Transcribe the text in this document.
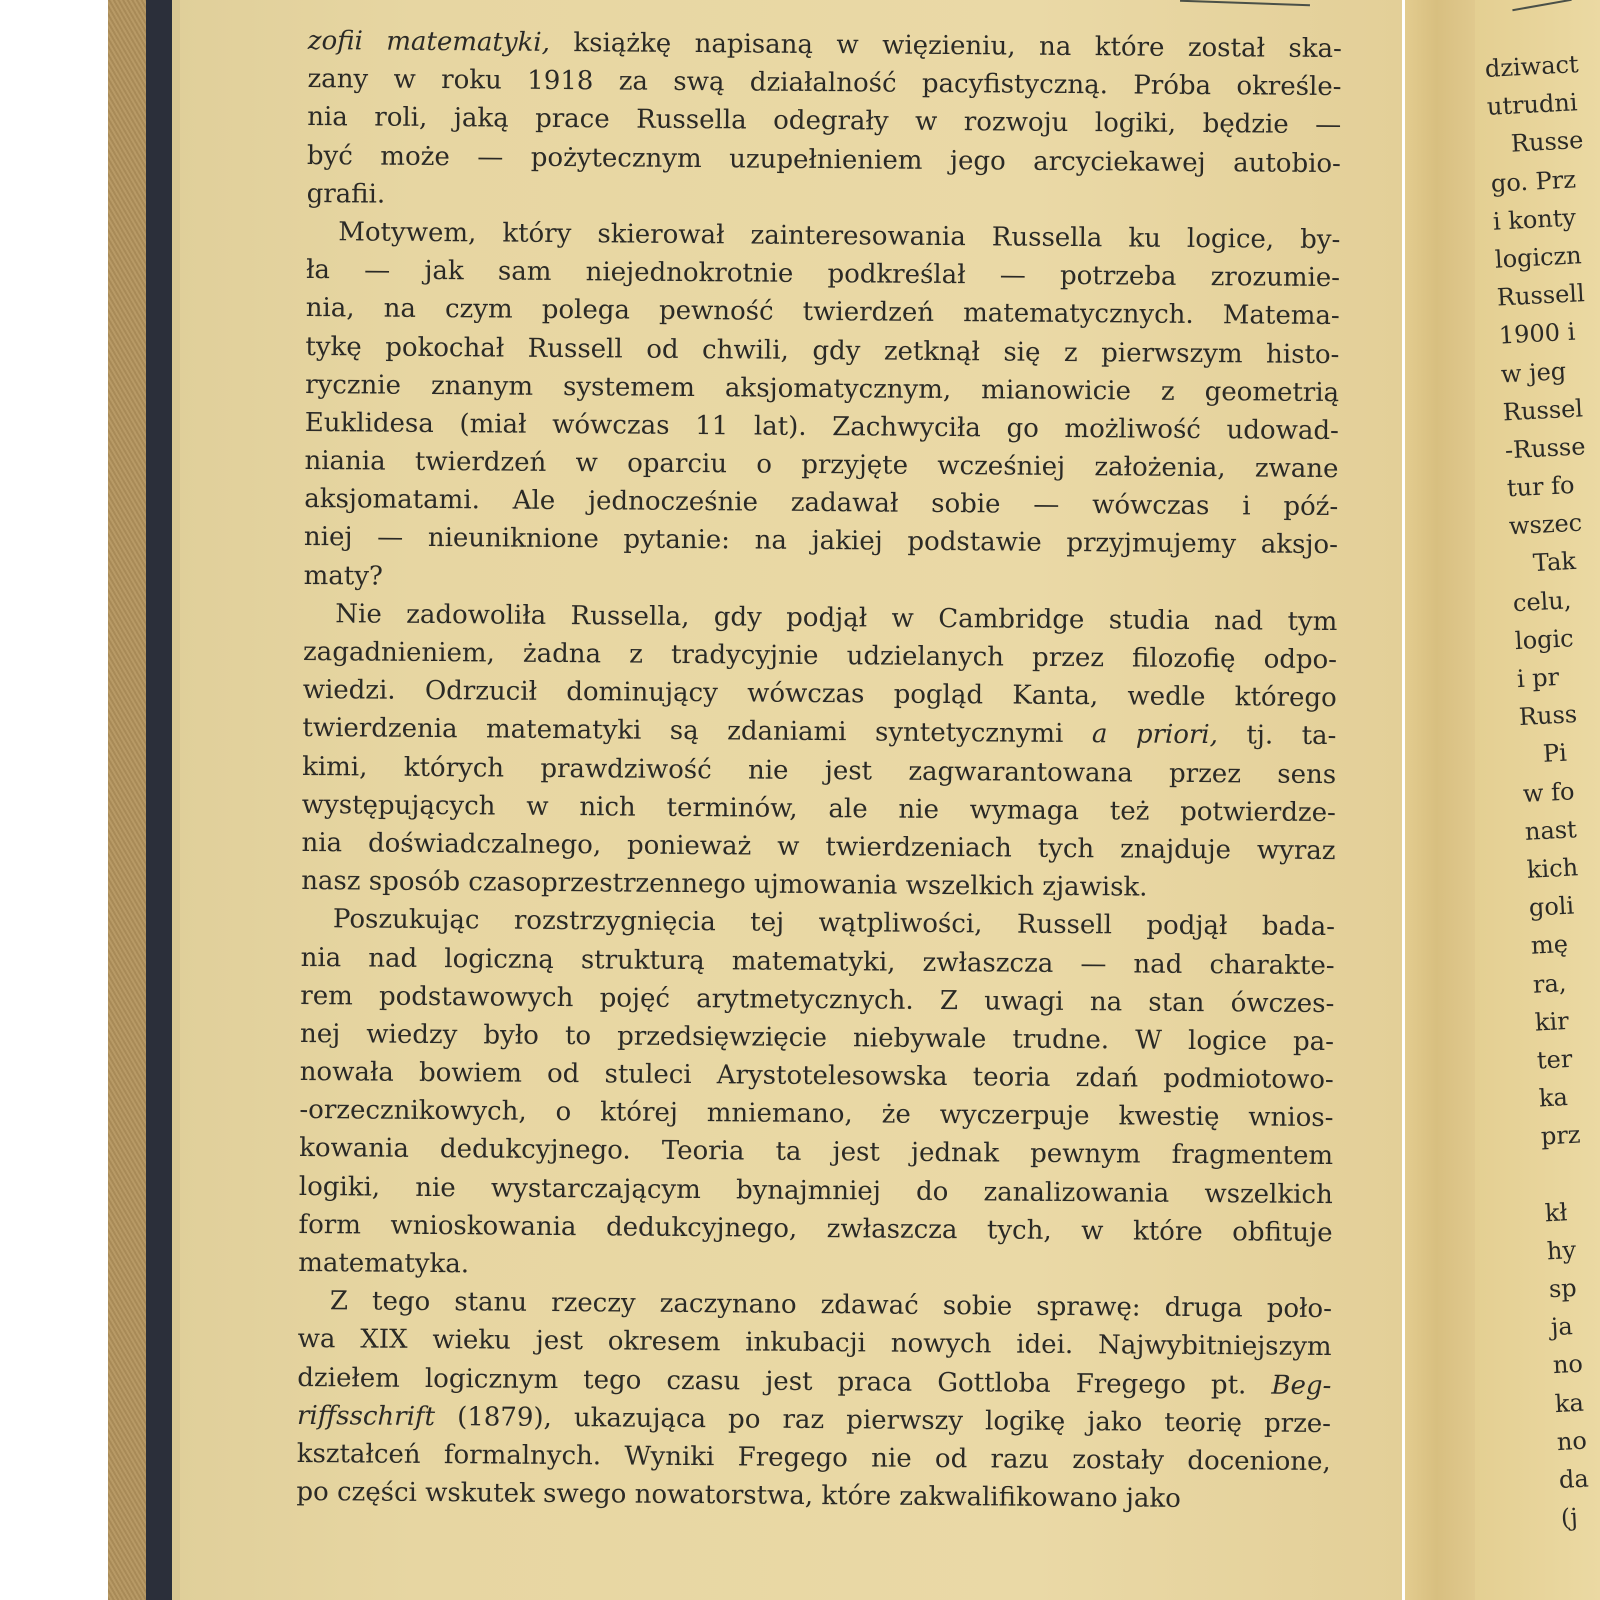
zofii matematyki, książkę napisaną w więzieniu, na które został ska-
zany w roku 1918 za swą działalność pacyfistyczną. Próba określe-
nia roli, jaką prace Russella odegrały w rozwoju logiki, będzie —
być może — pożytecznym uzupełnieniem jego arcyciekawej autobio-
grafii.
Motywem, który skierował zainteresowania Russella ku logice, by-
ła — jak sam niejednokrotnie podkreślał — potrzeba zrozumie-
nia, na czym polega pewność twierdzeń matematycznych. Matema-
tykę pokochał Russell od chwili, gdy zetknął się z pierwszym histo-
rycznie znanym systemem aksjomatycznym, mianowicie z geometrią
Euklidesa (miał wówczas 11 lat). Zachwyciła go możliwość udowad-
niania twierdzeń w oparciu o przyjęte wcześniej założenia, zwane
aksjomatami. Ale jednocześnie zadawał sobie — wówczas i póź-
niej — nieuniknione pytanie: na jakiej podstawie przyjmujemy aksjo-
maty?
Nie zadowoliła Russella, gdy podjął w Cambridge studia nad tym
zagadnieniem, żadna z tradycyjnie udzielanych przez filozofię odpo-
wiedzi. Odrzucił dominujący wówczas pogląd Kanta, wedle którego
twierdzenia matematyki są zdaniami syntetycznymi a priori, tj. ta-
kimi, których prawdziwość nie jest zagwarantowana przez sens
występujących w nich terminów, ale nie wymaga też potwierdze-
nia doświadczalnego, ponieważ w twierdzeniach tych znajduje wyraz
nasz sposób czasoprzestrzennego ujmowania wszelkich zjawisk.
Poszukując rozstrzygnięcia tej wątpliwości, Russell podjął bada-
nia nad logiczną strukturą matematyki, zwłaszcza — nad charakte-
rem podstawowych pojęć arytmetycznych. Z uwagi na stan ówczes-
nej wiedzy było to przedsięwzięcie niebywale trudne. W logice pa-
nowała bowiem od stuleci Arystotelesowska teoria zdań podmiotowo-
-orzecznikowych, o której mniemano, że wyczerpuje kwestię wnios-
kowania dedukcyjnego. Teoria ta jest jednak pewnym fragmentem
logiki, nie wystarczającym bynajmniej do zanalizowania wszelkich
form wnioskowania dedukcyjnego, zwłaszcza tych, w które obfituje
matematyka.
Z tego stanu rzeczy zaczynano zdawać sobie sprawę: druga poło-
wa XIX wieku jest okresem inkubacji nowych idei. Najwybitniejszym
dziełem logicznym tego czasu jest praca Gottloba Fregego pt. Beg-
riffsschrift (1879), ukazująca po raz pierwszy logikę jako teorię prze-
kształceń formalnych. Wyniki Fregego nie od razu zostały docenione,
po części wskutek swego nowatorstwa, które zakwalifikowano jako
dziwact
utrudni
Russe
go. Prz
i konty
logiczn
Russell
1900 i
w jeg
Russel
-Russe
tur fo
wszec
Tak
celu,
logic
i pr
Russ
Pi
w fo
nast
kich
goli
mę
ra,
kir
ter
ka
prz

kł
hy
sp
ja
no
ka
no
da
(j
